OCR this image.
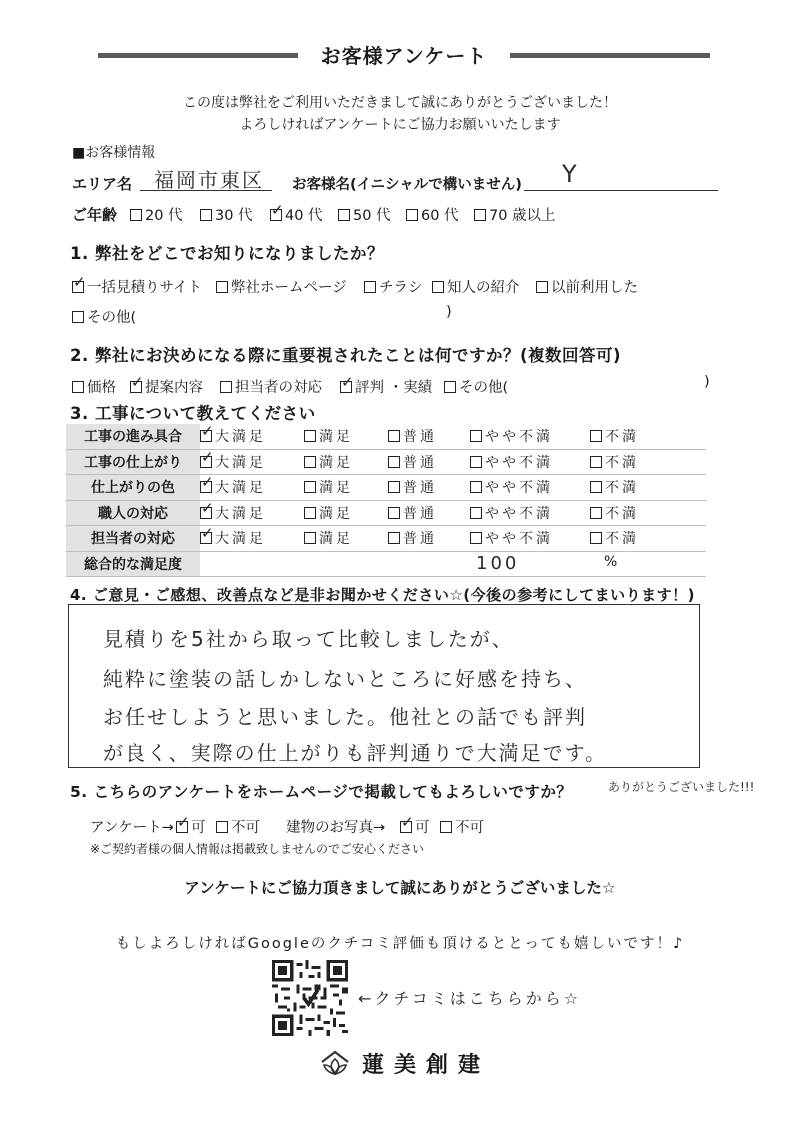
お客様アンケート
この度は弊社をご利用いただきまして誠にありがとうございました！
よろしければアンケートにご協力お願いいたします
■お客様情報
エリア名 福岡市東区 お客様名(イニシャルで構いません) Y
ご年齢	20 代	30 代 ✓	40 代	50 代	60 代	70 歳以上
1. 弊社をどこでお知りになりましたか？
✓一括見積りサイト	弊社ホームページ	チラシ	知人の紹介	以前利用した
その他(	)
2. 弊社にお決めになる際に重要視されたことは何ですか？(複数回答可)
価格 ✓	提案内容	担当者の対応 ✓	評判 ・実績	その他(	)
3. 工事について教えてください
工事の進み具合	✓大満足	満足	普通	やや不満	不満
工事の仕上がり	✓大満足	満足	普通	やや不満	不満
仕上がりの色	✓大満足	満足	普通	やや不満	不満
職人の対応	✓大満足	満足	普通	やや不満	不満
担当者の対応	✓大満足	満足	普通	やや不満	不満
総合的な満足度	100 %				
4. ご意見・ご感想、改善点など是非お聞かせください☆(今後の参考にしてまいります！)
見積りを5社から取って比較しましたが、
純粋に塗装の話しかしないところに好感を持ち、
お任せしようと思いました。他社との話でも評判
が良く、実際の仕上がりも評判通りで大満足です。
5. こちらのアンケートをホームページで掲載してもよろしいですか？	ありがとうございました!!!
アンケート→ ✓	可	不可 建物のお写真→ ✓	可	不可
※ご契約者様の個人情報は掲載致しませんのでご安心ください
アンケートにご協力頂きまして誠にありがとうございました☆
もしよろしければGoogleのクチコミ評価も頂けるととっても嬉しいです！♪
←クチコミはこちらから☆
蓮美創建
